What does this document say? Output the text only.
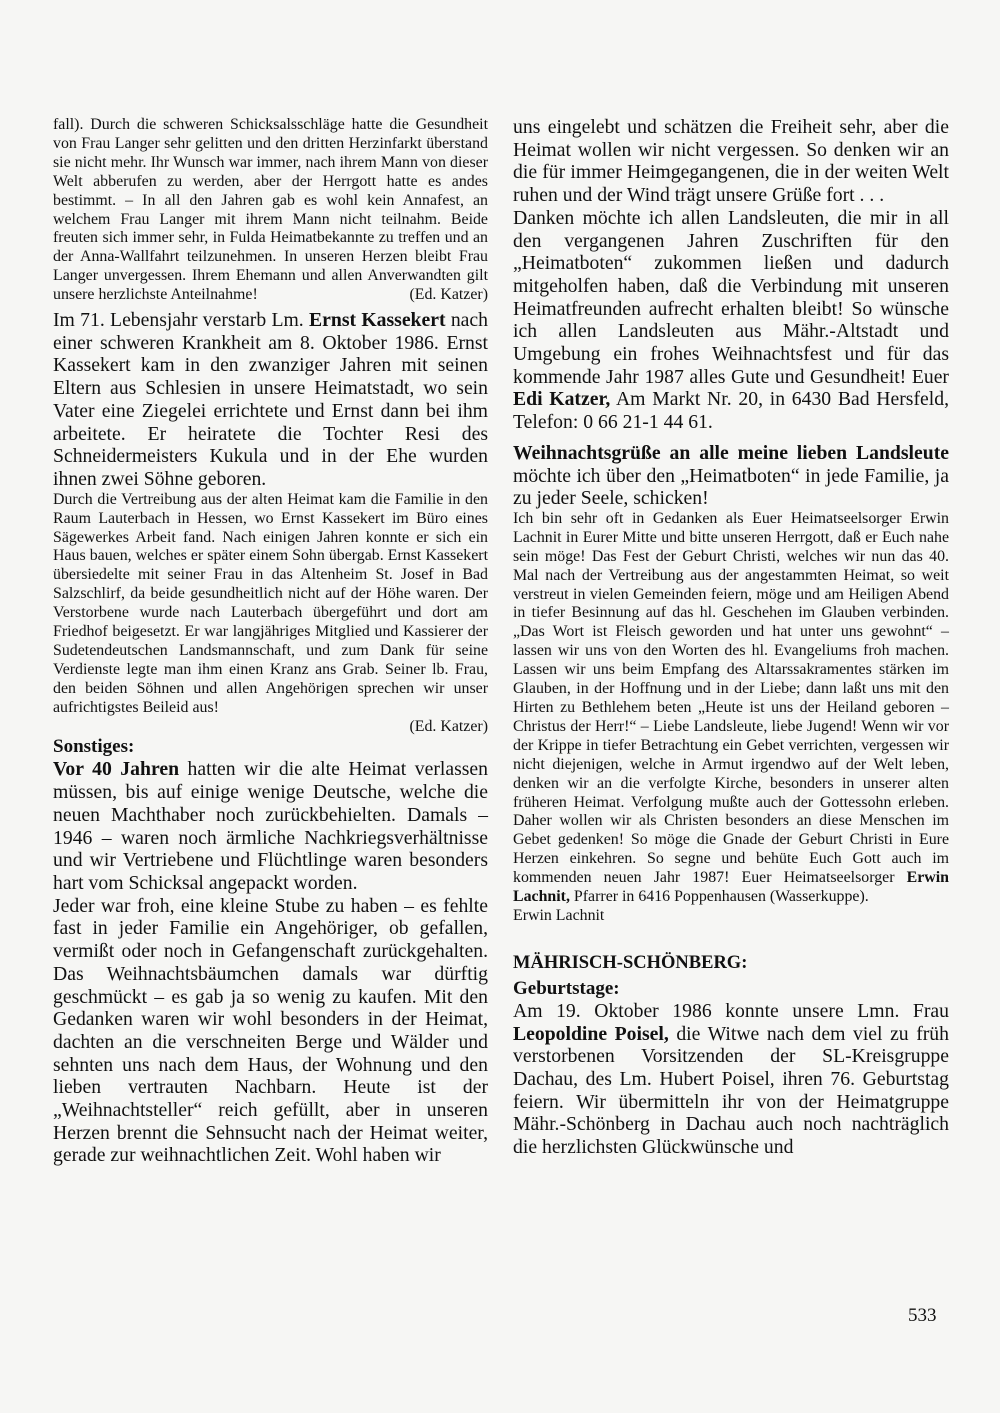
fall). Durch die schweren Schicksalsschläge hatte die Gesundheit von Frau Langer sehr gelitten und den dritten Herzinfarkt überstand sie nicht mehr. Ihr Wunsch war immer, nach ihrem Mann von dieser Welt abberufen zu werden, aber der Herrgott hatte es andes bestimmt. – In all den Jahren gab es wohl kein Annafest, an welchem Frau Langer mit ihrem Mann nicht teilnahm. Beide freuten sich immer sehr, in Fulda Heimatbekannte zu treffen und an der Anna-Wallfahrt teilzunehmen. In unseren Herzen bleibt Frau Langer unvergessen. Ihrem Ehemann und allen Anverwandten gilt unsere herzlichste Anteilnahme!	(Ed. Katzer)

Im 71. Lebensjahr verstarb Lm. Ernst Kassekert nach einer schweren Krankheit am 8. Oktober 1986. Ernst Kassekert kam in den zwanziger Jahren mit seinen Eltern aus Schlesien in unsere Heimatstadt, wo sein Vater eine Ziegelei errichtete und Ernst dann bei ihm arbeitete. Er heiratete die Tochter Resi des Schneidermeisters Kukula und in der Ehe wurden ihnen zwei Söhne geboren.

Durch die Vertreibung aus der alten Heimat kam die Familie in den Raum Lauterbach in Hessen, wo Ernst Kassekert im Büro eines Sägewerkes Arbeit fand. Nach einigen Jahren konnte er sich ein Haus bauen, welches er später einem Sohn übergab. Ernst Kassekert übersiedelte mit seiner Frau in das Altenheim St. Josef in Bad Salzschlirf, da beide gesundheitlich nicht auf der Höhe waren. Der Verstorbene wurde nach Lauterbach übergeführt und dort am Friedhof beigesetzt. Er war langjähriges Mitglied und Kassierer der Sudetendeutschen Landsmannschaft, und zum Dank für seine Verdienste legte man ihm einen Kranz ans Grab. Seiner lb. Frau, den beiden Söhnen und allen Angehörigen sprechen wir unser aufrichtigstes Beileid aus!

(Ed. Katzer)

Sonstiges:

Vor 40 Jahren hatten wir die alte Heimat verlassen müssen, bis auf einige wenige Deutsche, welche die neuen Machthaber noch zurückbehielten. Damals – 1946 – waren noch ärmliche Nachkriegsverhältnisse und wir Vertriebene und Flüchtlinge waren besonders hart vom Schicksal angepackt worden.

Jeder war froh, eine kleine Stube zu haben – es fehlte fast in jeder Familie ein Angehöriger, ob gefallen, vermißt oder noch in Gefangenschaft zurückgehalten. Das Weihnachtsbäumchen damals war dürftig geschmückt – es gab ja so wenig zu kaufen. Mit den Gedanken waren wir wohl besonders in der Heimat, dachten an die verschneiten Berge und Wälder und sehnten uns nach dem Haus, der Wohnung und den lieben vertrauten Nachbarn. Heute ist der „Weihnachtsteller“ reich gefüllt, aber in unseren Herzen brennt die Sehnsucht nach der Heimat weiter, gerade zur weihnachtlichen Zeit. Wohl haben wir

uns eingelebt und schätzen die Freiheit sehr, aber die Heimat wollen wir nicht vergessen. So denken wir an die für immer Heimgegangenen, die in der weiten Welt ruhen und der Wind trägt unsere Grüße fort . . .

Danken möchte ich allen Landsleuten, die mir in all den vergangenen Jahren Zuschriften für den „Heimatboten“ zukommen ließen und dadurch mitgeholfen haben, daß die Verbindung mit unseren Heimatfreunden aufrecht erhalten bleibt! So wünsche ich allen Landsleuten aus Mähr.-Altstadt und Umgebung ein frohes Weihnachtsfest und für das kommende Jahr 1987 alles Gute und Gesundheit! Euer Edi Katzer, Am Markt Nr. 20, in 6430 Bad Hersfeld, Telefon: 0 66 21-1 44 61.

Weihnachtsgrüße an alle meine lieben Landsleute möchte ich über den „Heimatboten“ in jede Familie, ja zu jeder Seele, schicken!

Ich bin sehr oft in Gedanken als Euer Heimatseelsorger Erwin Lachnit in Eurer Mitte und bitte unseren Herrgott, daß er Euch nahe sein möge! Das Fest der Geburt Christi, welches wir nun das 40. Mal nach der Vertreibung aus der angestammten Heimat, so weit verstreut in vielen Gemeinden feiern, möge und am Heiligen Abend in tiefer Besinnung auf das hl. Geschehen im Glauben verbinden. „Das Wort ist Fleisch geworden und hat unter uns gewohnt“ – lassen wir uns von den Worten des hl. Evangeliums froh machen. Lassen wir uns beim Empfang des Altarssakramentes stärken im Glauben, in der Hoffnung und in der Liebe; dann laßt uns mit den Hirten zu Bethlehem beten „Heute ist uns der Heiland geboren – Christus der Herr!“ – Liebe Landsleute, liebe Jugend! Wenn wir vor der Krippe in tiefer Betrachtung ein Gebet verrichten, vergessen wir nicht diejenigen, welche in Armut irgendwo auf der Welt leben, denken wir an die verfolgte Kirche, besonders in unserer alten früheren Heimat. Verfolgung mußte auch der Gottessohn erleben. Daher wollen wir als Christen besonders an diese Menschen im Gebet gedenken! So möge die Gnade der Geburt Christi in Eure Herzen einkehren. So segne und behüte Euch Gott auch im kommenden neuen Jahr 1987! Euer Heimatseelsorger Erwin Lachnit, Pfarrer in 6416 Poppenhausen (Wasserkuppe).

Erwin Lachnit

MÄHRISCH-SCHÖNBERG:

Geburtstage:

Am 19. Oktober 1986 konnte unsere Lmn. Frau Leopoldine Poisel, die Witwe nach dem viel zu früh verstorbenen Vorsitzenden der SL-Kreisgruppe Dachau, des Lm. Hubert Poisel, ihren 76. Geburtstag feiern. Wir übermitteln ihr von der Heimatgruppe Mähr.-Schönberg in Dachau auch noch nachträglich die herzlichsten Glückwünsche und

533
